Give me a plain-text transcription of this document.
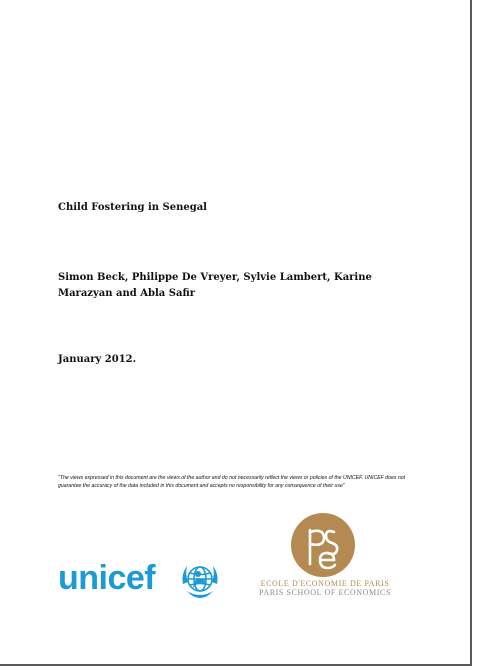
Child Fostering in Senegal
Simon Beck, Philippe De Vreyer, Sylvie Lambert, Karine Marazyan and Abla Safir
January 2012.
"The views expressed in this document are the views of the author and do not necessarily reflect the views or policies of the UNICEF. UNICEF does not guarantee the accuracy of the data included in this document and accepts no responsibility for any consequence of their use"
unicef	ECOLE D'ECONOMIE DE PARIS
PARIS SCHOOL OF ECONOMICS
